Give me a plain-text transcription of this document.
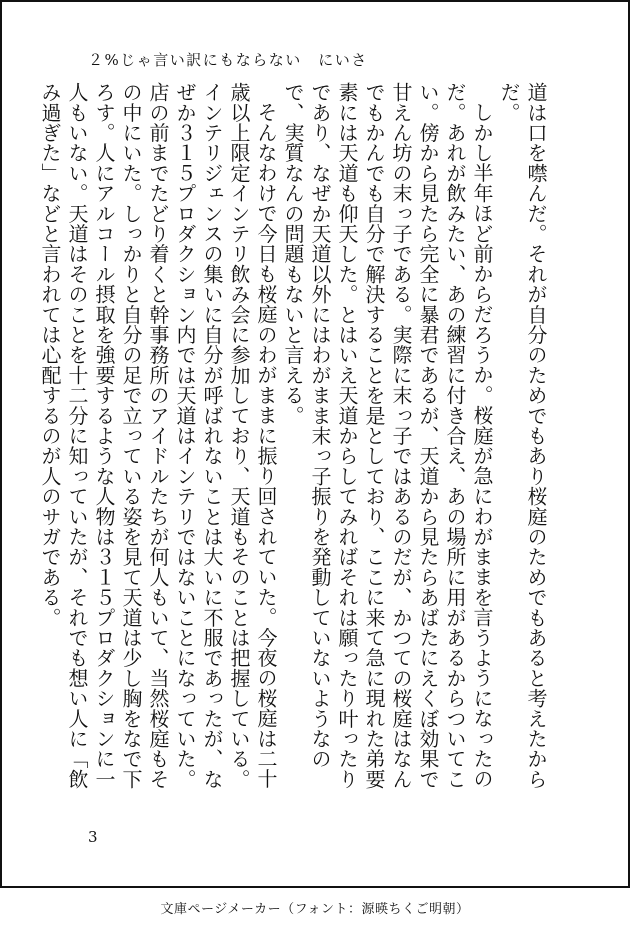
２%じゃ言い訳にもならない　にいさ

道は口を噤んだ。それが自分のためでもあり桜庭のためでもあると考えたからだ。

しかし半年ほど前からだろうか。桜庭が急にわがままを言うようになったのだ。あれが飲みたい、あの練習に付き合え、あの場所に用があるからついてこい。傍から見たら完全に暴君であるが、天道から見たらあばたにえくぼ効果で甘えん坊の末っ子である。実際に末っ子ではあるのだが、かつての桜庭はなんでもかんでも自分で解決することを是としており、ここに来て急に現れた弟要素には天道も仰天した。とはいえ天道からしてみればそれは願ったり叶ったりであり、なぜか天道以外にはわがまま末っ子振りを発動していないようなので、実質なんの問題もないと言える。

そんなわけで今日も桜庭のわがままに振り回されていた。今夜の桜庭は二十歳以上限定インテリ飲み会に参加しており、天道もそのことは把握している。インテリジェンスの集いに自分が呼ばれないことは大いに不服であったが、なぜか３１５プロダクション内では天道はインテリではないことになっていた。店の前までたどり着くと幹事務所のアイドルたちが何人もいて、当然桜庭もその中にいた。しっかりと自分の足で立っている姿を見て天道は少し胸をなで下ろす。人にアルコール摂取を強要するような人物は３１５プロダクションに一人もいない。天道はそのことを十二分に知っていたが、それでも想い人に「飲み過ぎた」などと言われては心配するのが人のサガである。

3
文庫ページメーカー（フォント：源暎ちくご明朝）
